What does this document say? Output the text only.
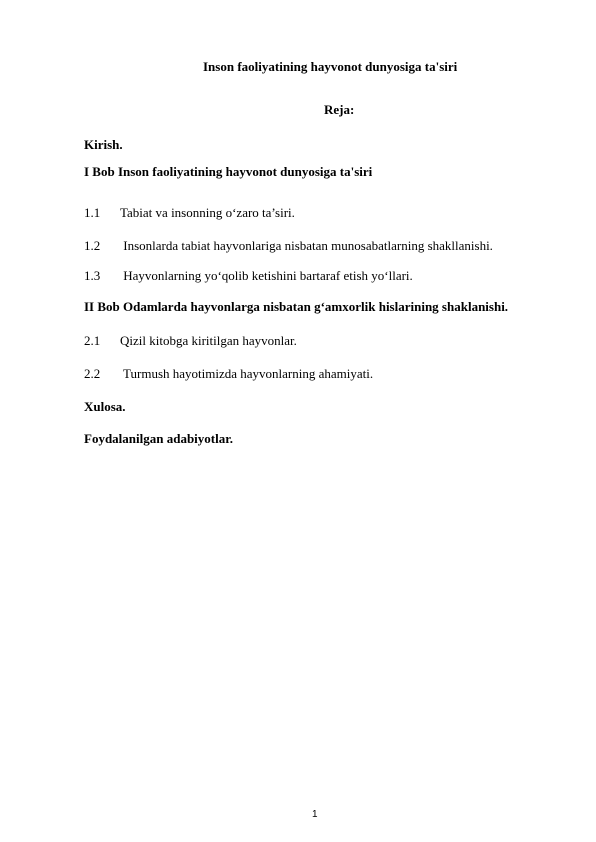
Inson faoliyatining hayvonot dunyosiga ta'siri
Reja:
Kirish.
I Bob Inson faoliyatining hayvonot dunyosiga ta'siri
1.1 Tabiat va insonning o‘zaro ta’siri.
1.2 Insonlarda tabiat hayvonlariga nisbatan munosabatlarning shakllanishi.
1.3 Hayvonlarning yo‘qolib ketishini bartaraf etish yo‘llari.
II Bob Odamlarda hayvonlarga nisbatan g‘amxorlik hislarining shaklanishi.
2.1 Qizil kitobga kiritilgan hayvonlar.
2.2 Turmush hayotimizda hayvonlarning ahamiyati.
Xulosa.
Foydalanilgan adabiyotlar.
1
